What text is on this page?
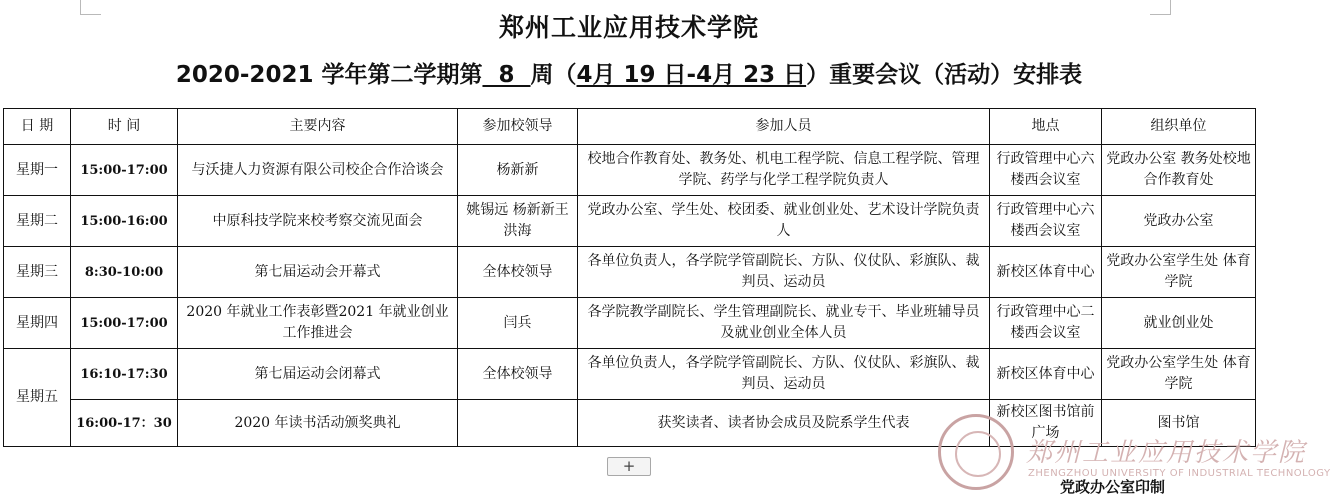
郑州工业应用技术学院
2020-2021 学年第二学期第  8  周（4月 19 日-4月 23 日）重要会议（活动）安排表
日 期	时 间	主要内容	参加校领导	参加人员	地点	组织单位
星期一	15:00-17:00	与沃捷人力资源有限公司校企合作洽谈会	杨新新	校地合作教育处、教务处、机电工程学院、信息工程学院、管理学院、药学与化学工程学院负责人	行政管理中心六楼西会议室	党政办公室 教务处校地合作教育处
星期二	15:00-16:00	中原科技学院来校考察交流见面会	姚锡远 杨新新王洪海	党政办公室、学生处、校团委、就业创业处、艺术设计学院负责人	行政管理中心六楼西会议室	党政办公室
星期三	8:30-10:00	第七届运动会开幕式	全体校领导	各单位负责人，各学院学管副院长、方队、仪仗队、彩旗队、裁判员、运动员	新校区体育中心	党政办公室学生处 体育学院
星期四	15:00-17:00	2020 年就业工作表彰暨2021 年就业创业工作推进会	闫兵	各学院教学副院长、学生管理副院长、就业专干、毕业班辅导员及就业创业全体人员	行政管理中心二楼西会议室	就业创业处
星期五	16:10-17:30	第七届运动会闭幕式	全体校领导	各单位负责人，各学院学管副院长、方队、仪仗队、彩旗队、裁判员、运动员	新校区体育中心	党政办公室学生处 体育学院
	16:00-17：30	2020 年读书活动颁奖典礼		获奖读者、读者协会成员及院系学生代表	新校区图书馆前广场	图书馆
+	郑州工业应用技术学院
ZHENGZHOU UNIVERSITY OF INDUSTRIAL TECHNOLOGY
党政办公室印制
